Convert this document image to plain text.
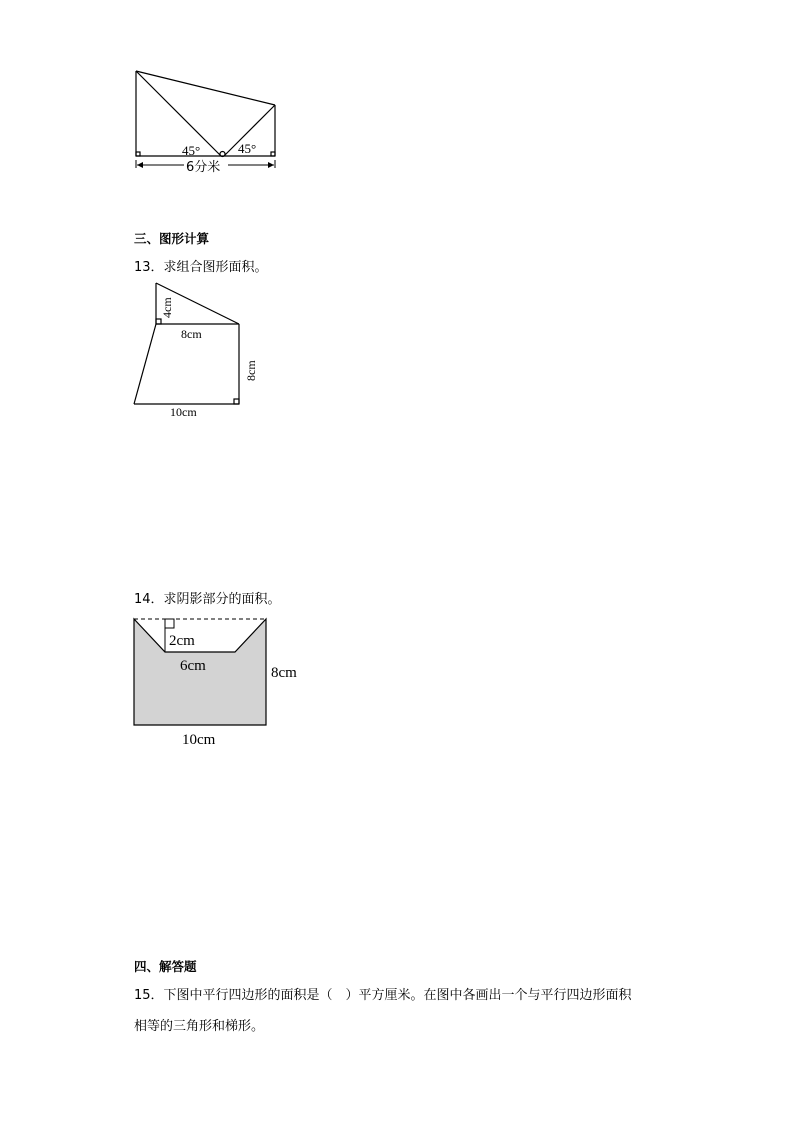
45°	45°
6分米
三、图形计算
13．求组合图形面积。
4cm
8cm
8cm
10cm
14．求阴影部分的面积。
2cm
6cm	8cm
10cm
四、解答题
15．下图中平行四边形的面积是（　）平方厘米。在图中各画出一个与平行四边形面积
相等的三角形和梯形。
